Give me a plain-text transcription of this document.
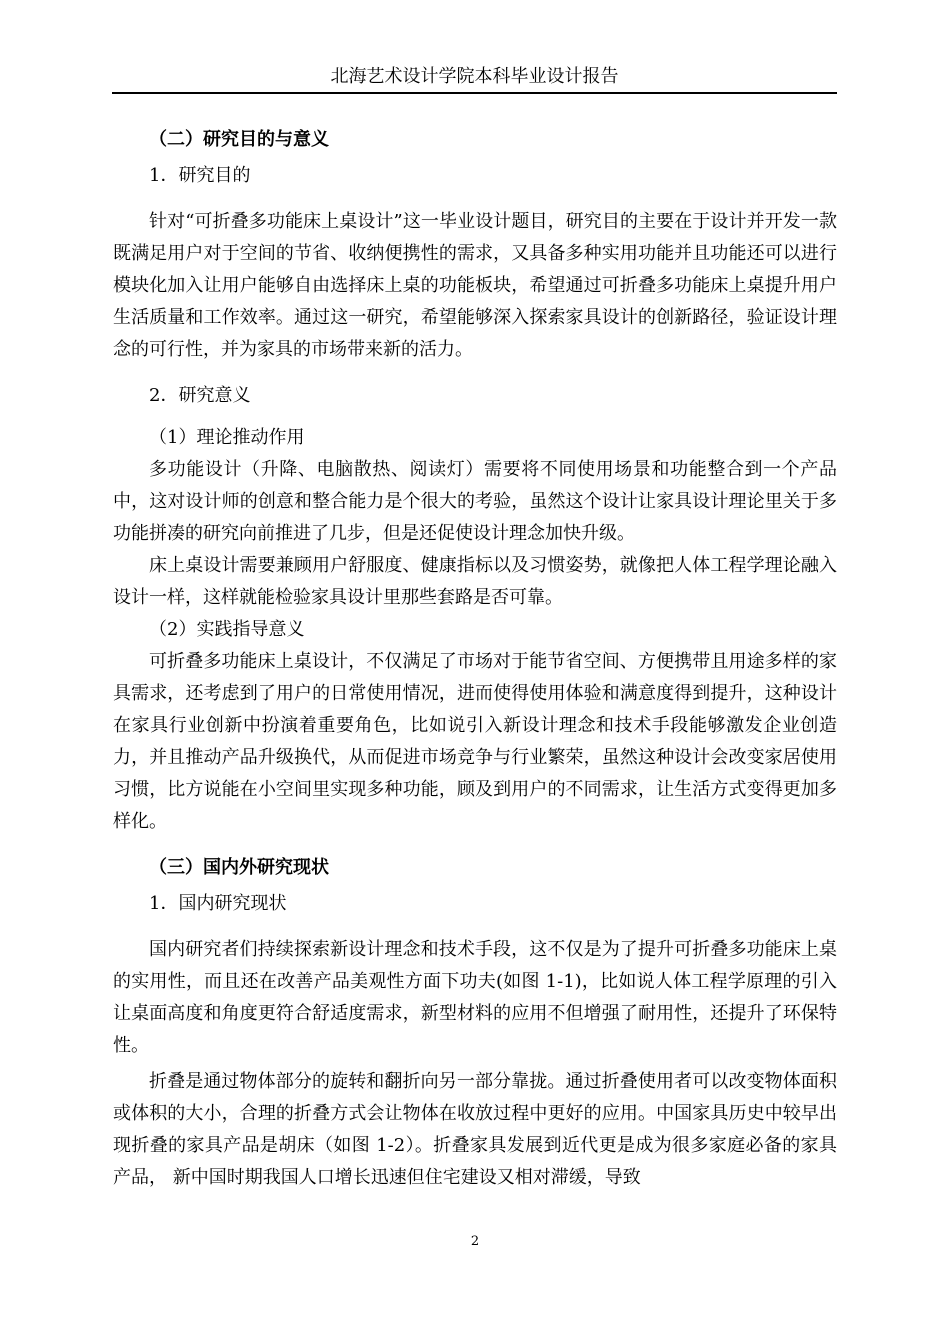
北海艺术设计学院本科毕业设计报告

（二）研究目的与意义

1．研究目的

针对“可折叠多功能床上桌设计”这一毕业设计题目，研究目的主要在于设计并开发一款既满足用户对于空间的节省、收纳便携性的需求，又具备多种实用功能并且功能还可以进行模块化加入让用户能够自由选择床上桌的功能板块，希望通过可折叠多功能床上桌提升用户生活质量和工作效率。通过这一研究，希望能够深入探索家具设计的创新路径，验证设计理念的可行性，并为家具的市场带来新的活力。

2．研究意义

（1）理论推动作用

多功能设计（升降、电脑散热、阅读灯）需要将不同使用场景和功能整合到一个产品中，这对设计师的创意和整合能力是个很大的考验，虽然这个设计让家具设计理论里关于多功能拼凑的研究向前推进了几步，但是还促使设计理念加快升级。

床上桌设计需要兼顾用户舒服度、健康指标以及习惯姿势，就像把人体工程学理论融入设计一样，这样就能检验家具设计里那些套路是否可靠。

（2）实践指导意义

可折叠多功能床上桌设计，不仅满足了市场对于能节省空间、方便携带且用途多样的家具需求，还考虑到了用户的日常使用情况，进而使得使用体验和满意度得到提升，这种设计在家具行业创新中扮演着重要角色，比如说引入新设计理念和技术手段能够激发企业创造力，并且推动产品升级换代，从而促进市场竞争与行业繁荣，虽然这种设计会改变家居使用习惯，比方说能在小空间里实现多种功能，顾及到用户的不同需求，让生活方式变得更加多样化。

（三）国内外研究现状

1．国内研究现状

国内研究者们持续探索新设计理念和技术手段，这不仅是为了提升可折叠多功能床上桌的实用性，而且还在改善产品美观性方面下功夫(如图 1-1)，比如说人体工程学原理的引入让桌面高度和角度更符合舒适度需求，新型材料的应用不但增强了耐用性，还提升了环保特性。

折叠是通过物体部分的旋转和翻折向另一部分靠拢。通过折叠使用者可以改变物体面积或体积的大小，合理的折叠方式会让物体在收放过程中更好的应用。中国家具历史中较早出现折叠的家具产品是胡床（如图 1-2）。折叠家具发展到近代更是成为很多家庭必备的家具产品， 新中国时期我国人口增长迅速但住宅建设又相对滞缓，导致

2
